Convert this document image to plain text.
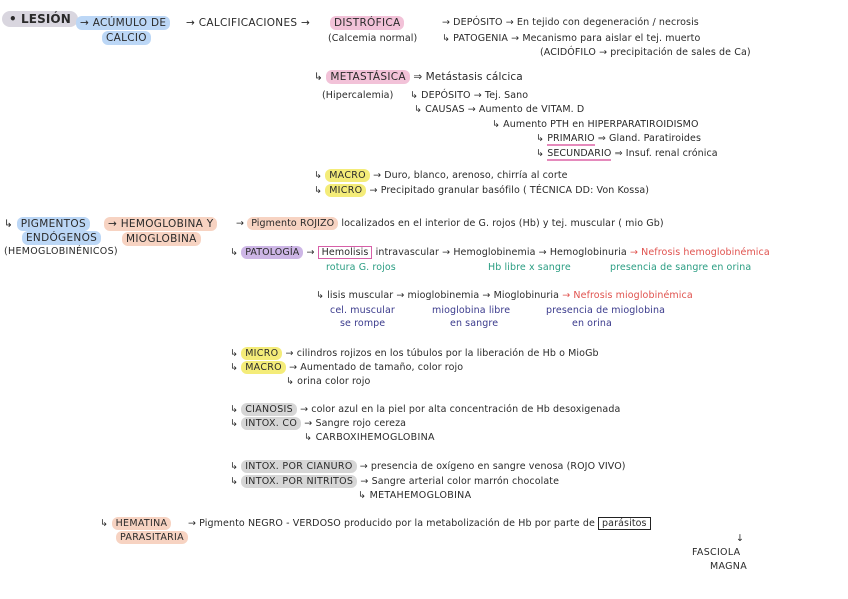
• LESIÓN → ACÚMULO DE
CALCIO
→ CALCIFICACIONES →	DISTRÓFICA
(Calcemia normal)
→ DEPÓSITO → En tejido con degeneración / necrosis
↳ PATOGENIA → Mecanismo para aislar el tej. muerto
(ACIDÓFILO → precipitación de sales de Ca)
↳ METASTÁSICA ⇒ Metástasis cálcica
(Hipercalemia) ↳ DEPÓSITO → Tej. Sano
↳ CAUSAS → Aumento de VITAM. D
↳ Aumento PTH en HIPERPARATIROIDISMO
↳ PRIMARIO ⇒ Gland. Paratiroides
↳ SECUNDARIO ⇒ Insuf. renal crónica
↳ MACRO → Duro, blanco, arenoso, chirría al corte
↳ MICRO → Precipitado granular basófilo ( TÉCNICA DD: Von Kossa)
↳ PIGMENTOS
ENDÓGENOS
(HEMOGLOBINÉNICOS)
→ HEMOGLOBINA Y
MIOGLOBINA
→ Pigmento ROJIZO localizados en el interior de G. rojos (Hb) y tej. muscular ( mio Gb)
↳ PATOLOGÍA → Hemolisis intravascular → Hemoglobinemia → Hemoglobinuria → Nefrosis hemoglobinémica
rotura G. rojos	Hb libre x sangre	presencia de sangre en orina
↳ lisis muscular → mioglobinemia → Mioglobinuria → Nefrosis mioglobinémica
cel. muscular
se rompe
mioglobina libre
en sangre
presencia de mioglobina
en orina
↳ MICRO → cilindros rojizos en los túbulos por la liberación de Hb o MioGb
↳ MACRO → Aumentado de tamaño, color rojo
↳ orina color rojo
↳ CIANOSIS → color azul en la piel por alta concentración de Hb desoxigenada
↳ INTOX. CO → Sangre rojo cereza
↳ CARBOXIHEMOGLOBINA
↳ INTOX. POR CIANURO → presencia de oxígeno en sangre venosa (ROJO VIVO)
↳ INTOX. POR NITRITOS → Sangre arterial color marrón chocolate
↳ METAHEMOGLOBINA
↳ HEMATINA
PARASITARIA
→ Pigmento NEGRO - VERDOSO producido por la metabolización de Hb por parte de parásitos
↓
FASCIOLA
MAGNA
